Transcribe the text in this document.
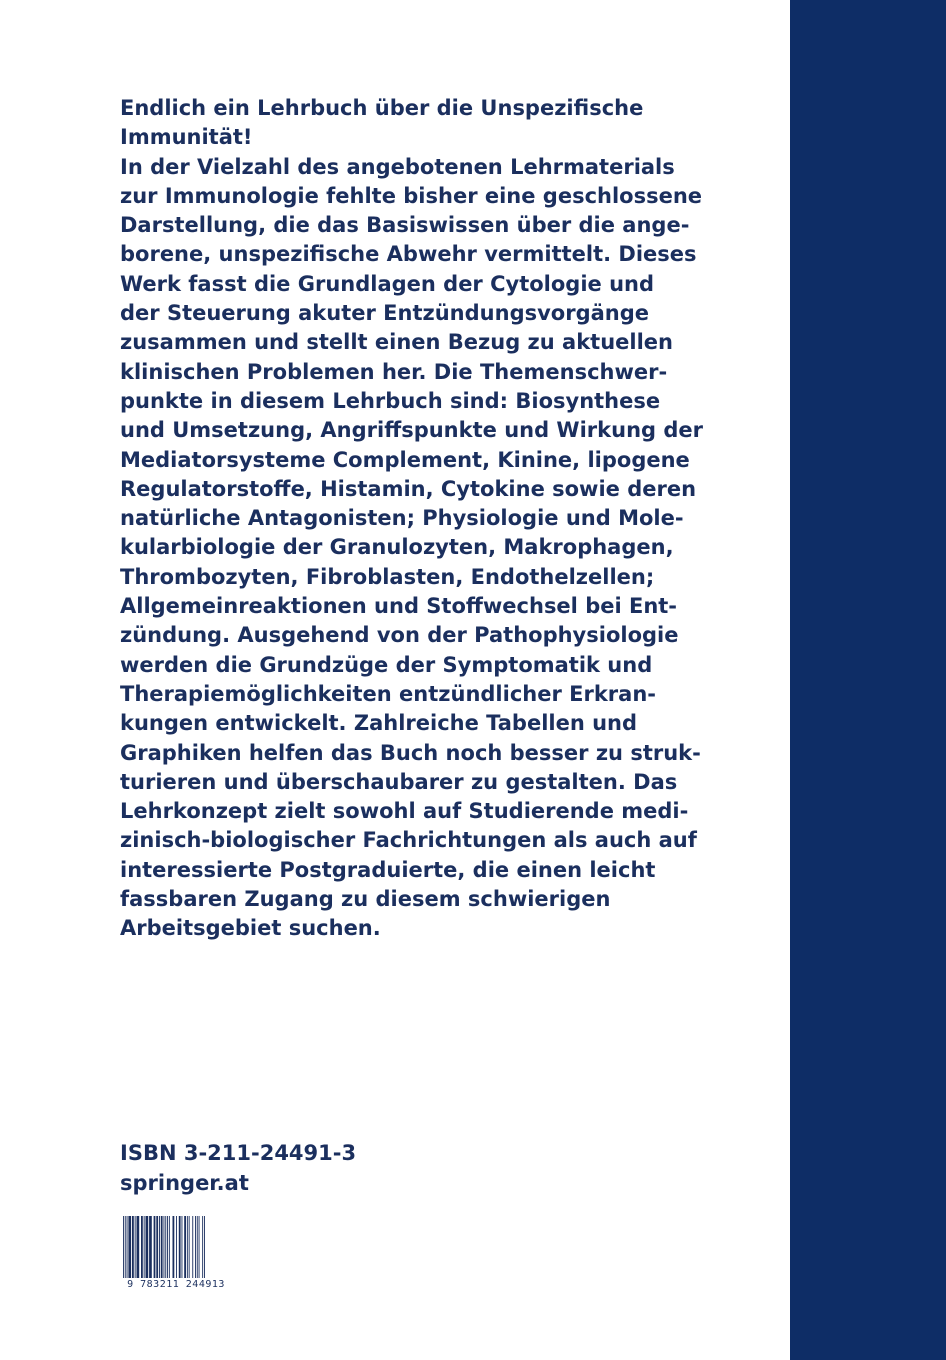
Endlich ein Lehrbuch über die Unspezifische
Immunität!
In der Vielzahl des angebotenen Lehrmaterials
zur Immunologie fehlte bisher eine geschlossene
Darstellung, die das Basiswissen über die ange-
borene, unspezifische Abwehr vermittelt. Dieses
Werk fasst die Grundlagen der Cytologie und
der Steuerung akuter Entzündungsvorgänge
zusammen und stellt einen Bezug zu aktuellen
klinischen Problemen her. Die Themenschwer-
punkte in diesem Lehrbuch sind: Biosynthese
und Umsetzung, Angriffspunkte und Wirkung der
Mediatorsysteme Complement, Kinine, lipogene
Regulatorstoffe, Histamin, Cytokine sowie deren
natürliche Antagonisten; Physiologie und Mole-
kularbiologie der Granulozyten, Makrophagen,
Thrombozyten, Fibroblasten, Endothelzellen;
Allgemeinreaktionen und Stoffwechsel bei Ent-
zündung. Ausgehend von der Pathophysiologie
werden die Grundzüge der Symptomatik und
Therapiemöglichkeiten entzündlicher Erkran-
kungen entwickelt. Zahlreiche Tabellen und
Graphiken helfen das Buch noch besser zu struk-
turieren und überschaubarer zu gestalten. Das
Lehrkonzept zielt sowohl auf Studierende medi-
zinisch-biologischer Fachrichtungen als auch auf
interessierte Postgraduierte, die einen leicht
fassbaren Zugang zu diesem schwierigen
Arbeitsgebiet suchen.
ISBN 3-211-24491-3
springer.at
9 783211 244913
